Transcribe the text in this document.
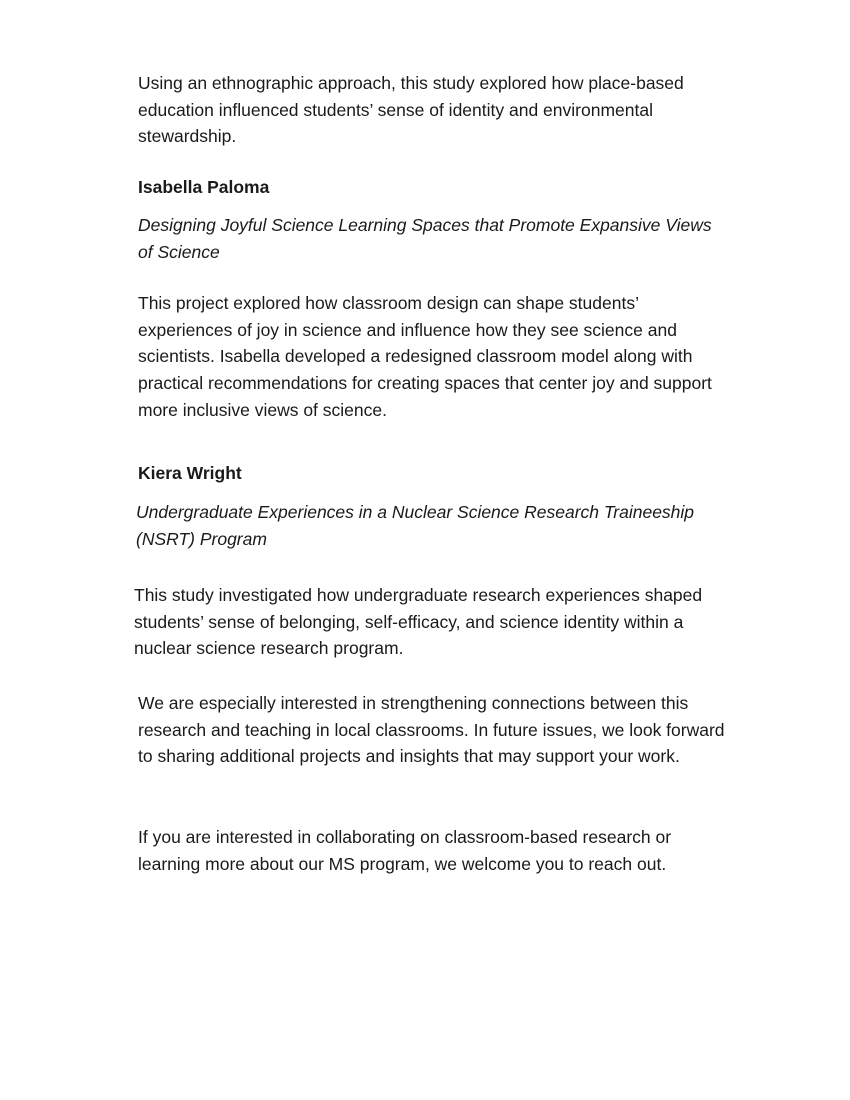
Using an ethnographic approach, this study explored how place-based education influenced students’ sense of identity and environmental stewardship.

Isabella Paloma
Designing Joyful Science Learning Spaces that Promote Expansive Views of Science

This project explored how classroom design can shape students’ experiences of joy in science and influence how they see science and scientists. Isabella developed a redesigned classroom model along with practical recommendations for creating spaces that center joy and support more inclusive views of science.

Kiera Wright
Undergraduate Experiences in a Nuclear Science Research Traineeship (NSRT) Program

This study investigated how undergraduate research experiences shaped students’ sense of belonging, self-efficacy, and science identity within a nuclear science research program.

We are especially interested in strengthening connections between this research and teaching in local classrooms. In future issues, we look forward to sharing additional projects and insights that may support your work.

If you are interested in collaborating on classroom-based research or learning more about our MS program, we welcome you to reach out.
